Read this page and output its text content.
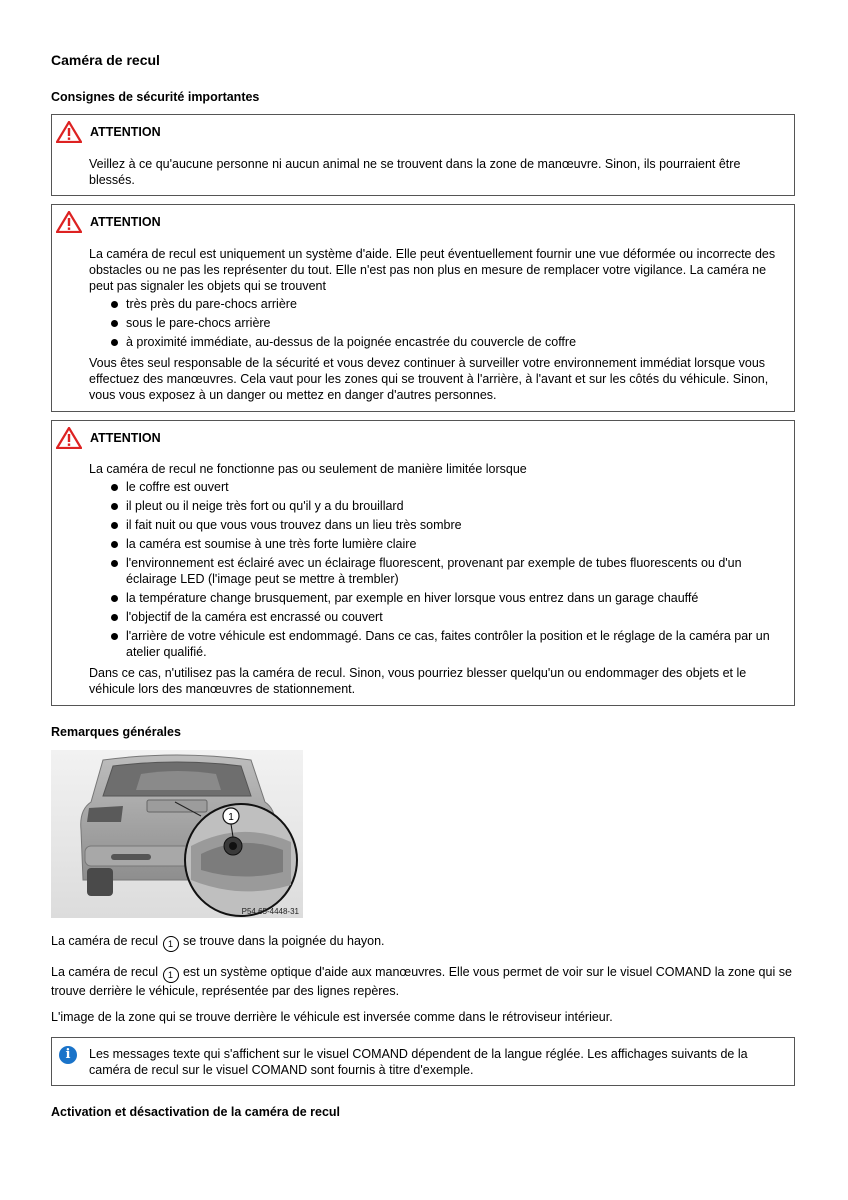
Caméra de recul
Consignes de sécurité importantes
ATTENTION

Veillez à ce qu'aucune personne ni aucun animal ne se trouvent dans la zone de manœuvre. Sinon, ils pourraient être blessés.

ATTENTION

La caméra de recul est uniquement un système d'aide. Elle peut éventuellement fournir une vue déformée ou incorrecte des obstacles ou ne pas les représenter du tout. Elle n'est pas non plus en mesure de remplacer votre vigilance. La caméra ne peut pas signaler les objets qui se trouvent

très près du pare-chocs arrière
sous le pare-chocs arrière
à proximité immédiate, au-dessus de la poignée encastrée du couvercle de coffre

Vous êtes seul responsable de la sécurité et vous devez continuer à surveiller votre environnement immédiat lorsque vous effectuez des manœuvres. Cela vaut pour les zones qui se trouvent à l'arrière, à l'avant et sur les côtés du véhicule. Sinon, vous vous exposez à un danger ou mettez en danger d'autres personnes.

ATTENTION

La caméra de recul ne fonctionne pas ou seulement de manière limitée lorsque

le coffre est ouvert
il pleut ou il neige très fort ou qu'il y a du brouillard
il fait nuit ou que vous vous trouvez dans un lieu très sombre
la caméra est soumise à une très forte lumière claire
l'environnement est éclairé avec un éclairage fluorescent, provenant par exemple de tubes fluorescents ou d'un éclairage LED (l'image peut se mettre à trembler)
la température change brusquement, par exemple en hiver lorsque vous entrez dans un garage chauffé
l'objectif de la caméra est encrassé ou couvert
l'arrière de votre véhicule est endommagé. Dans ce cas, faites contrôler la position et le réglage de la caméra par un atelier qualifié.

Dans ce cas, n'utilisez pas la caméra de recul. Sinon, vous pourriez blesser quelqu'un ou endommager des objets et le véhicule lors des manœuvres de stationnement.

Remarques générales
1
P54.65-4448-31
La caméra de recul 1 se trouve dans la poignée du hayon.
La caméra de recul 1 est un système optique d'aide aux manœuvres. Elle vous permet de voir sur le visuel COMAND la zone qui se trouve derrière le véhicule, représentée par des lignes repères.
L'image de la zone qui se trouve derrière le véhicule est inversée comme dans le rétroviseur intérieur.
i	Les messages texte qui s'affichent sur le visuel COMAND dépendent de la langue réglée. Les affichages suivants de la caméra de recul sur le visuel COMAND sont fournis à titre d'exemple.
Activation et désactivation de la caméra de recul
